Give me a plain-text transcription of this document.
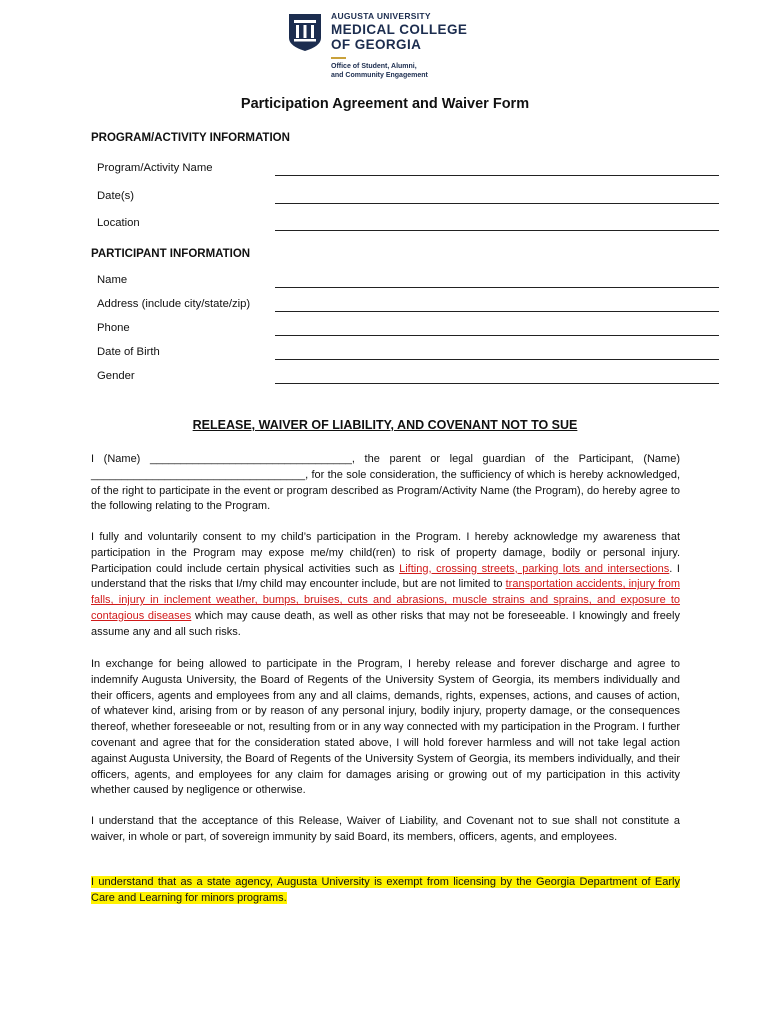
AUGUSTA UNIVERSITY
MEDICAL COLLEGE
OF GEORGIA
Office of Student, Alumni,
and Community Engagement
Participation Agreement and Waiver Form
PROGRAM/ACTIVITY INFORMATION
Program/Activity Name
Date(s)
Location
PARTICIPANT INFORMATION
Name
Address (include city/state/zip)
Phone
Date of Birth
Gender
RELEASE, WAIVER OF LIABILITY, AND COVENANT NOT TO SUE

I (Name) _________________________________, the parent or legal guardian of the Participant, (Name) ___________________________________, for the sole consideration, the sufficiency of which is hereby acknowledged, of the right to participate in the event or program described as Program/Activity Name (the Program), do hereby agree to the following relating to the Program.

I fully and voluntarily consent to my child’s participation in the Program. I hereby acknowledge my awareness that participation in the Program may expose me/my child(ren) to risk of property damage, bodily or personal injury. Participation could include certain physical activities such as Lifting, crossing streets, parking lots and intersections. I understand that the risks that I/my child may encounter include, but are not limited to transportation accidents, injury from falls, injury in inclement weather, bumps, bruises, cuts and abrasions, muscle strains and sprains, and exposure to contagious diseases which may cause death, as well as other risks that may not be foreseeable. I knowingly and freely assume any and all such risks.

In exchange for being allowed to participate in the Program, I hereby release and forever discharge and agree to indemnify Augusta University, the Board of Regents of the University System of Georgia, its members individually and their officers, agents and employees from any and all claims, demands, rights, expenses, actions, and causes of action, of whatever kind, arising from or by reason of any personal injury, bodily injury, property damage, or the consequences thereof, whether foreseeable or not, resulting from or in any way connected with my participation in the Program. I further covenant and agree that for the consideration stated above, I will hold forever harmless and will not take legal action against Augusta University, the Board of Regents of the University System of Georgia, its members individually, and their officers, agents, and employees for any claim for damages arising or growing out of my participation in this activity whether caused by negligence or otherwise.

I understand that the acceptance of this Release, Waiver of Liability, and Covenant not to sue shall not constitute a waiver, in whole or part, of sovereign immunity by said Board, its members, officers, agents, and employees.

I understand that as a state agency, Augusta University is exempt from licensing by the Georgia Department of Early Care and Learning for minors programs.
